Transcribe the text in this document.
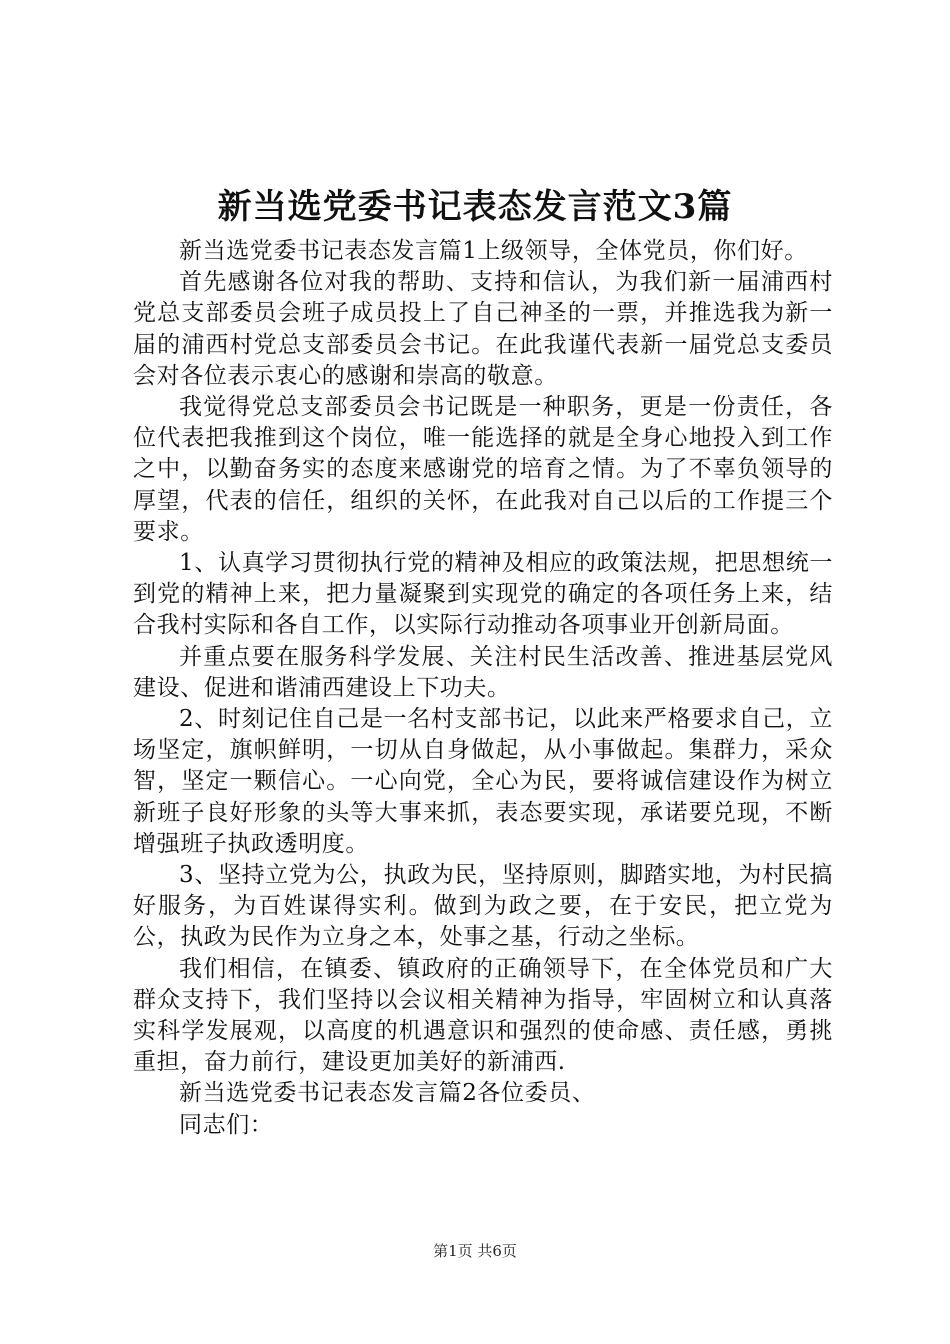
新当选党委书记表态发言范文3篇

新当选党委书记表态发言篇1上级领导，全体党员，你们好。

首先感谢各位对我的帮助、支持和信认，为我们新一届浦西村党总支部委员会班子成员投上了自己神圣的一票，并推选我为新一届的浦西村党总支部委员会书记。在此我谨代表新一届党总支委员会对各位表示衷心的感谢和崇高的敬意。

我觉得党总支部委员会书记既是一种职务，更是一份责任，各位代表把我推到这个岗位，唯一能选择的就是全身心地投入到工作之中，以勤奋务实的态度来感谢党的培育之情。为了不辜负领导的厚望，代表的信任，组织的关怀，在此我对自己以后的工作提三个要求。

1、认真学习贯彻执行党的精神及相应的政策法规，把思想统一到党的精神上来，把力量凝聚到实现党的确定的各项任务上来，结合我村实际和各自工作，以实际行动推动各项事业开创新局面。

并重点要在服务科学发展、关注村民生活改善、推进基层党风建设、促进和谐浦西建设上下功夫。

2、时刻记住自己是一名村支部书记，以此来严格要求自己，立场坚定，旗帜鲜明，一切从自身做起，从小事做起。集群力，采众智，坚定一颗信心。一心向党，全心为民，要将诚信建设作为树立新班子良好形象的头等大事来抓，表态要实现，承诺要兑现，不断增强班子执政透明度。

3、坚持立党为公，执政为民，坚持原则，脚踏实地，为村民搞好服务，为百姓谋得实利。做到为政之要，在于安民，把立党为公，执政为民作为立身之本，处事之基，行动之坐标。

我们相信，在镇委、镇政府的正确领导下，在全体党员和广大群众支持下，我们坚持以会议相关精神为指导，牢固树立和认真落实科学发展观，以高度的机遇意识和强烈的使命感、责任感，勇挑重担，奋力前行，建设更加美好的新浦西.

新当选党委书记表态发言篇2各位委员、

同志们：

第1页 共6页
